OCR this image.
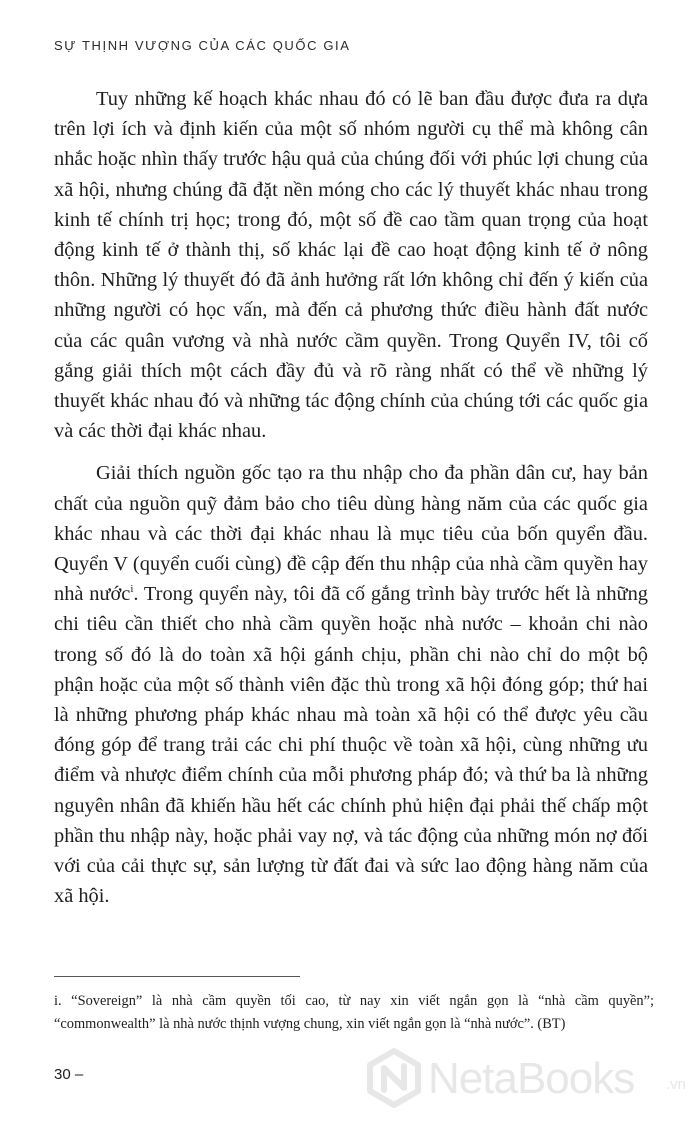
SỰ THỊNH VƯỢNG CỦA CÁC QUỐC GIA

Tuy những kế hoạch khác nhau đó có lẽ ban đầu được đưa ra dựa trên lợi ích và định kiến của một số nhóm người cụ thể mà không cân nhắc hoặc nhìn thấy trước hậu quả của chúng đối với phúc lợi chung của xã hội, nhưng chúng đã đặt nền móng cho các lý thuyết khác nhau trong kinh tế chính trị học; trong đó, một số đề cao tầm quan trọng của hoạt động kinh tế ở thành thị, số khác lại đề cao hoạt động kinh tế ở nông thôn. Những lý thuyết đó đã ảnh hưởng rất lớn không chỉ đến ý kiến của những người có học vấn, mà đến cả phương thức điều hành đất nước của các quân vương và nhà nước cầm quyền. Trong Quyển IV, tôi cố gắng giải thích một cách đầy đủ và rõ ràng nhất có thể về những lý thuyết khác nhau đó và những tác động chính của chúng tới các quốc gia và các thời đại khác nhau.

Giải thích nguồn gốc tạo ra thu nhập cho đa phần dân cư, hay bản chất của nguồn quỹ đảm bảo cho tiêu dùng hàng năm của các quốc gia khác nhau và các thời đại khác nhau là mục tiêu của bốn quyển đầu. Quyển V (quyển cuối cùng) đề cập đến thu nhập của nhà cầm quyền hay nhà nước$^i$. Trong quyển này, tôi đã cố gắng trình bày trước hết là những chi tiêu cần thiết cho nhà cầm quyền hoặc nhà nước – khoản chi nào trong số đó là do toàn xã hội gánh chịu, phần chi nào chỉ do một bộ phận hoặc của một số thành viên đặc thù trong xã hội đóng góp; thứ hai là những phương pháp khác nhau mà toàn xã hội có thể được yêu cầu đóng góp để trang trải các chi phí thuộc về toàn xã hội, cùng những ưu điểm và nhược điểm chính của mỗi phương pháp đó; và thứ ba là những nguyên nhân đã khiến hầu hết các chính phủ hiện đại phải thế chấp một phần thu nhập này, hoặc phải vay nợ, và tác động của những món nợ đối với của cải thực sự, sản lượng từ đất đai và sức lao động hàng năm của xã hội.

i. “Sovereign” là nhà cầm quyền tối cao, từ nay xin viết ngắn gọn là “nhà cầm quyền”; “commonwealth” là nhà nước thịnh vượng chung, xin viết ngắn gọn là “nhà nước”. (BT)
30 –	NetaBooks .vn
